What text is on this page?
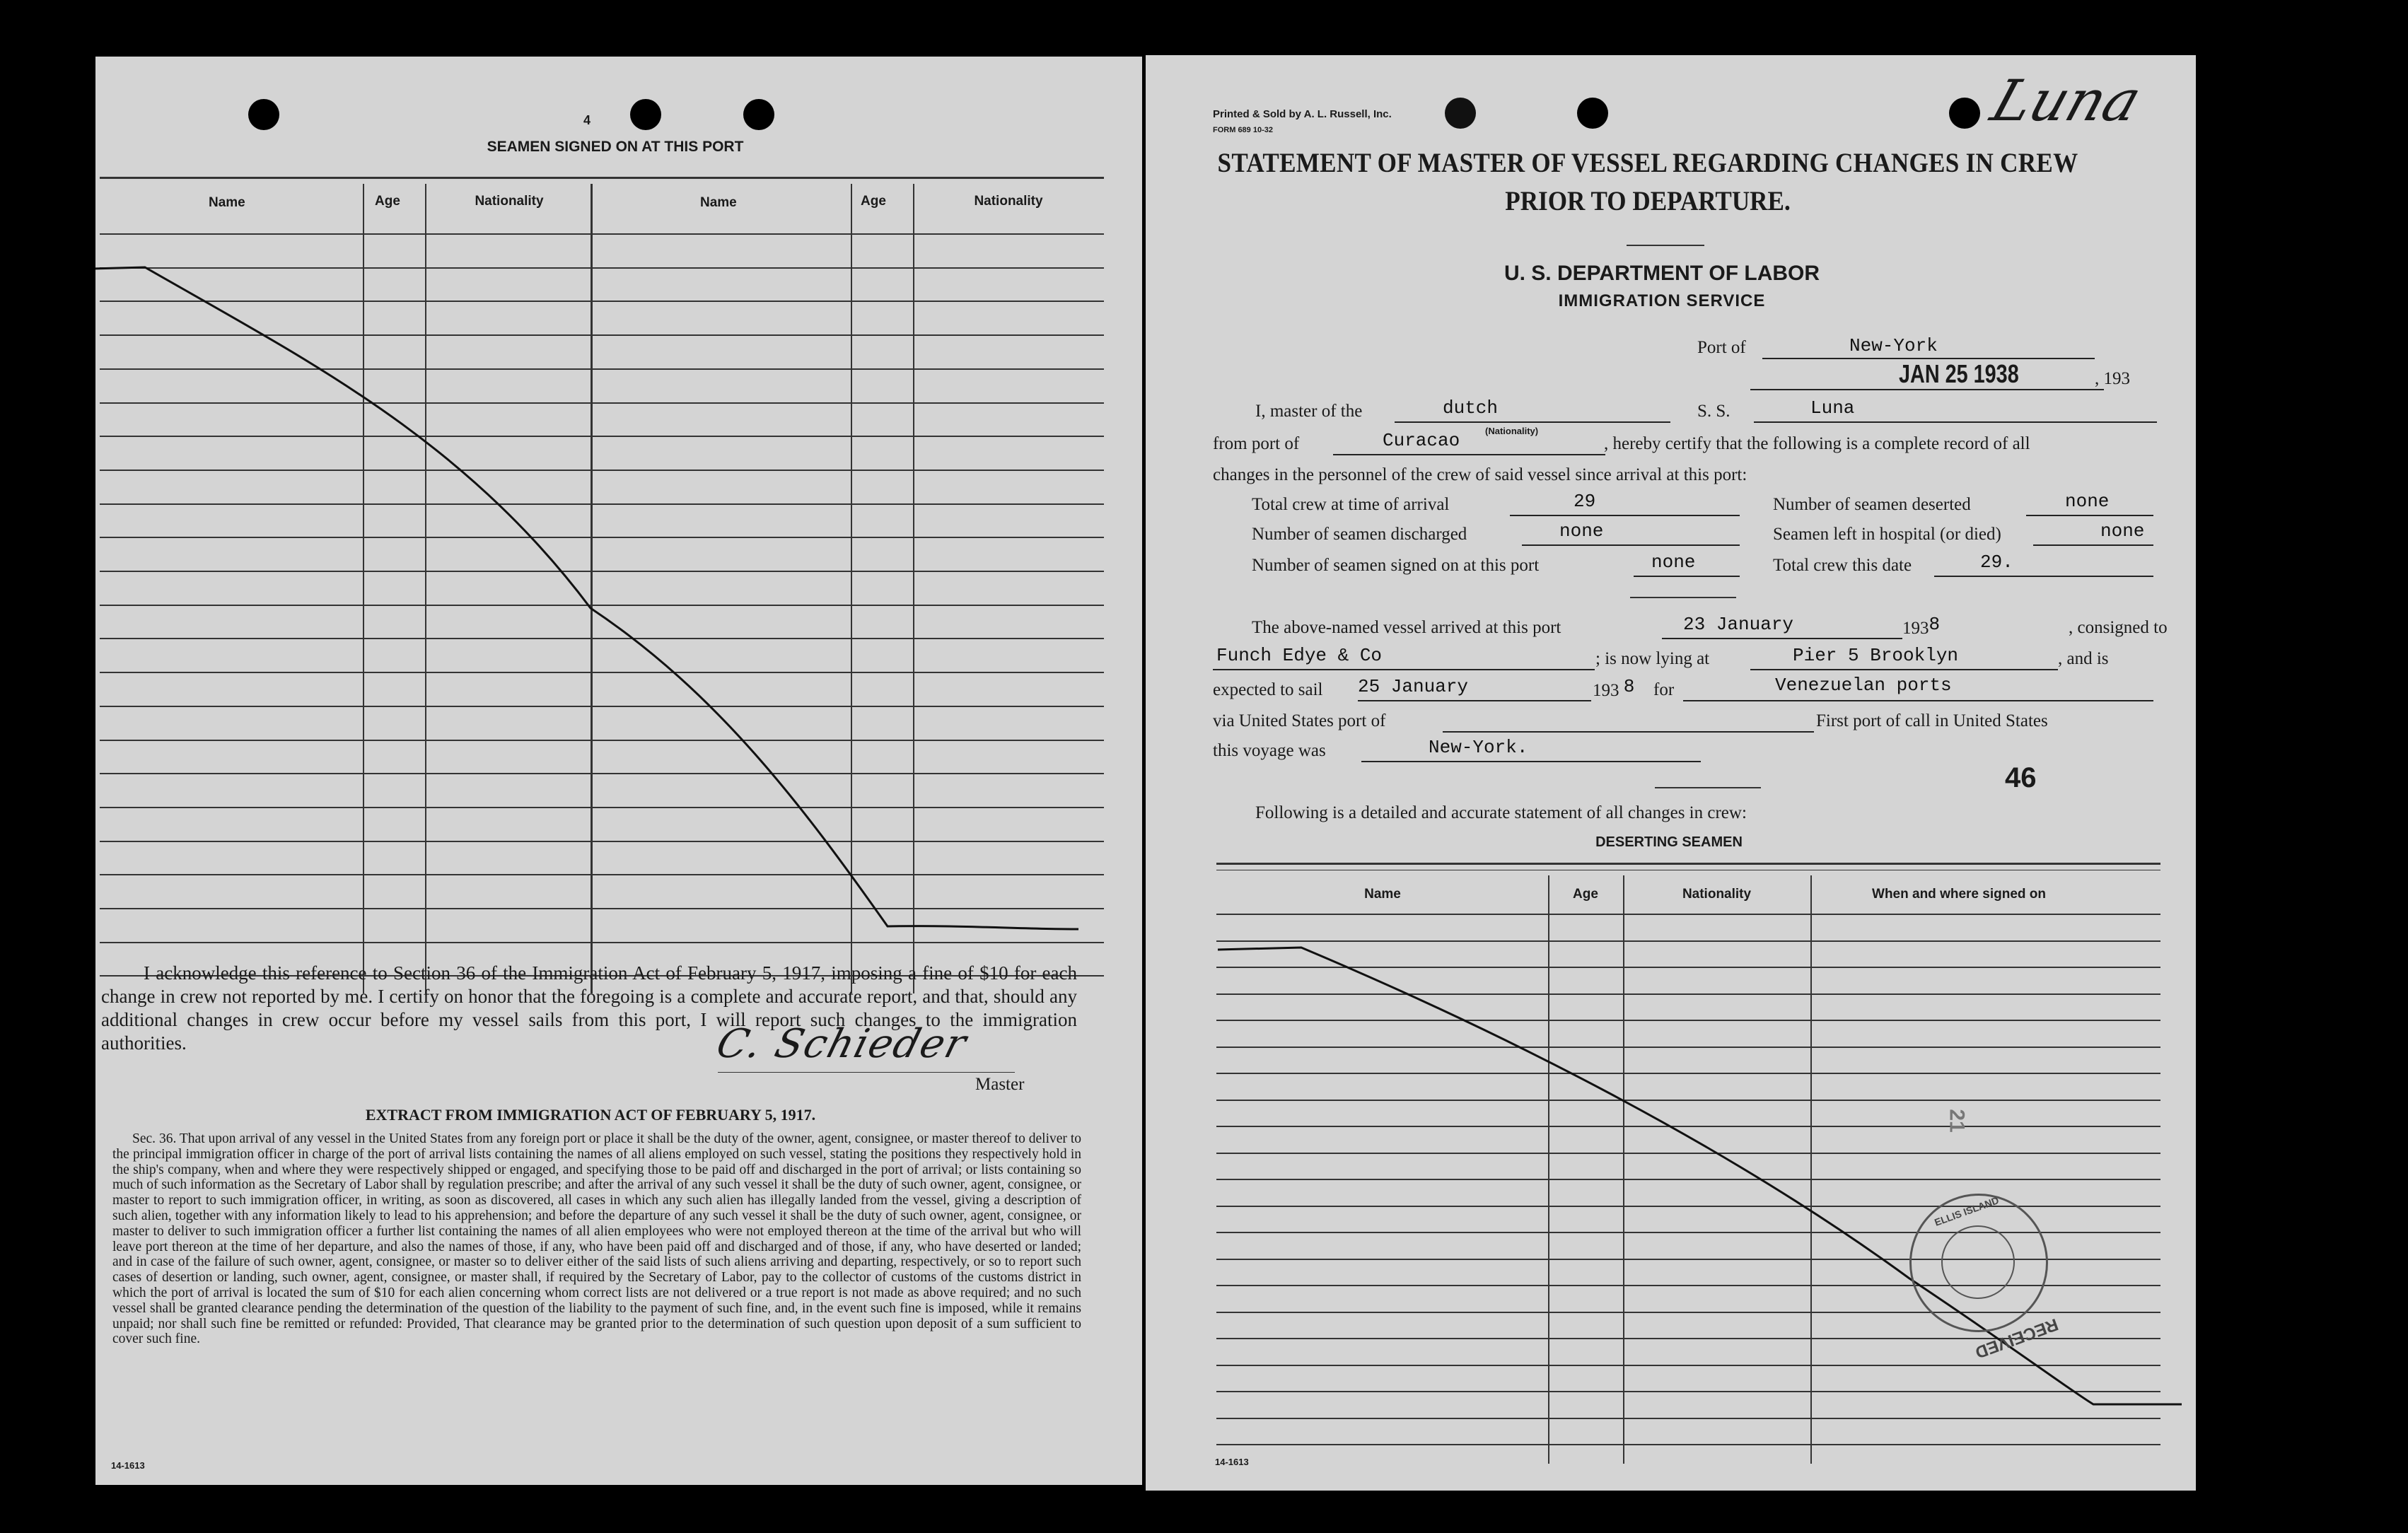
4
SEAMEN SIGNED ON AT THIS PORT
Name	Age	Nationality	Name	Age	Nationality
I acknowledge this reference to Section 36 of the Immigration Act of February 5, 1917, imposing a fine of $10 for each change in crew not reported by me. I certify on honor that the foregoing is a complete and accurate report, and that, should any additional changes in crew occur before my vessel sails from this port, I will report such changes to the immigration authorities.	C. Schieder
Master
EXTRACT FROM IMMIGRATION ACT OF FEBRUARY 5, 1917.
Sec. 36. That upon arrival of any vessel in the United States from any foreign port or place it shall be the duty of the owner, agent, consignee, or master thereof to deliver to the principal immigration officer in charge of the port of arrival lists containing the names of all aliens employed on such vessel, stating the positions they respectively hold in the ship's company, when and where they were respectively shipped or engaged, and specifying those to be paid off and discharged in the port of arrival; or lists containing so much of such information as the Secretary of Labor shall by regulation prescribe; and after the arrival of any such vessel it shall be the duty of such owner, agent, consignee, or master to report to such immigration officer, in writing, as soon as discovered, all cases in which any such alien has illegally landed from the vessel, giving a description of such alien, together with any information likely to lead to his apprehension; and before the departure of any such vessel it shall be the duty of such owner, agent, consignee, or master to deliver to such immigration officer a further list containing the names of all alien employees who were not employed thereon at the time of the arrival but who will leave port thereon at the time of her departure, and also the names of those, if any, who have been paid off and discharged and of those, if any, who have deserted or landed; and in case of the failure of such owner, agent, consignee, or master so to deliver either of the said lists of such aliens arriving and departing, respectively, or so to report such cases of desertion or landing, such owner, agent, consignee, or master shall, if required by the Secretary of Labor, pay to the collector of customs of the customs district in which the port of arrival is located the sum of $10 for each alien concerning whom correct lists are not delivered or a true report is not made as above required; and no such vessel shall be granted clearance pending the determination of the question of the liability to the payment of such fine, and, in the event such fine is imposed, while it remains unpaid; nor shall such fine be remitted or refunded: Provided, That clearance may be granted prior to the determination of such question upon deposit of a sum sufficient to cover such fine.
14-1613
Printed & Sold by A. L. Russell, Inc.
FORM 689 10-32	Luna
STATEMENT OF MASTER OF VESSEL REGARDING CHANGES IN CREW
PRIOR TO DEPARTURE.
U. S. DEPARTMENT OF LABOR
IMMIGRATION SERVICE
Port of	New-York
JAN 25 1938	, 193
I, master of the	dutch	S. S.	Luna
(Nationality)
from port of	Curacao	, hereby certify that the following is a complete record of all
changes in the personnel of the crew of said vessel since arrival at this port:
Total crew at time of arrival	29	Number of seamen deserted	none
Number of seamen discharged	none	Seamen left in hospital (or died)	none
Number of seamen signed on at this port	none	Total crew this date	29.
The above-named vessel arrived at this port	23 January	1938	, consigned to
Funch Edye & Co	; is now lying at	Pier 5 Brooklyn	, and is
expected to sail 25 January	193 8 for	Venezuelan ports
via United States port of	First port of call in United States
this voyage was	New-York.
46
Following is a detailed and accurate statement of all changes in crew:
DESERTING SEAMEN
Name	Age	Nationality	When and where signed on
ELLIS ISLAND
21
RECEIVED
14-1613
